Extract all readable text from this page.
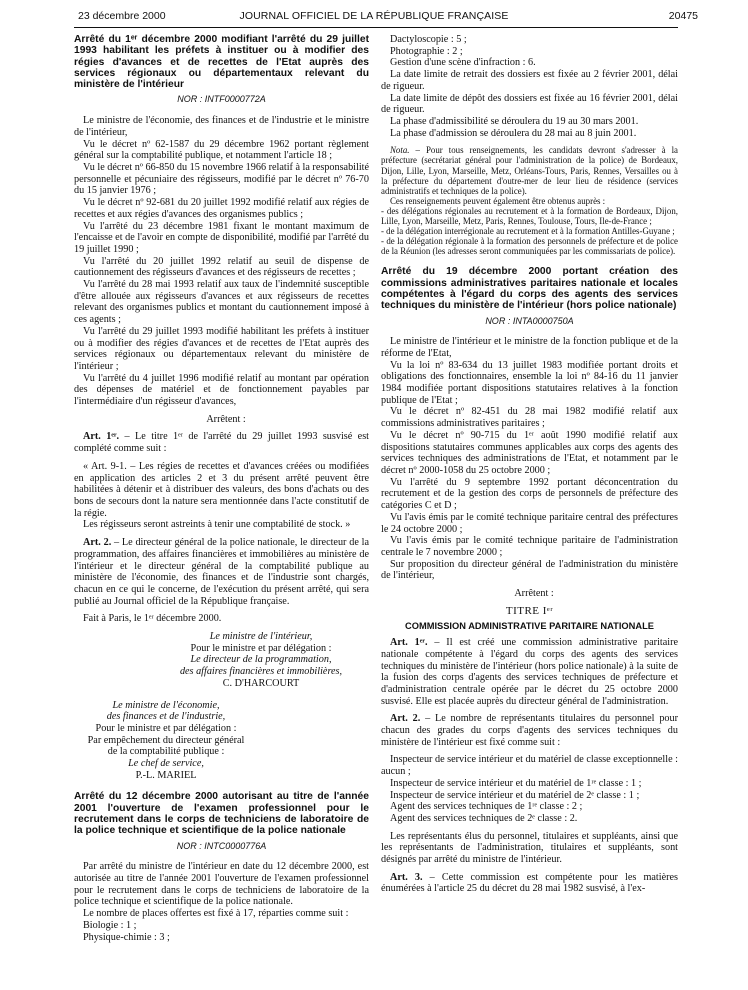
23 décembre 2000	JOURNAL OFFICIEL DE LA RÉPUBLIQUE FRANÇAISE	20475

Arrêté du 1ᵉʳ décembre 2000 modifiant l'arrêté du 29 juillet 1993 habilitant les préfets à instituer ou à modifier des régies d'avances et de recettes de l'Etat auprès des services régionaux ou départementaux relevant du ministère de l'intérieur

NOR : INTF0000772A

Le ministre de l'économie, des finances et de l'industrie et le ministre de l'intérieur,

Vu le décret nº 62-1587 du 29 décembre 1962 portant règlement général sur la comptabilité publique, et notamment l'article 18 ;

Vu le décret nº 66-850 du 15 novembre 1966 relatif à la responsabilité personnelle et pécuniaire des régisseurs, modifié par le décret nº 76-70 du 15 janvier 1976 ;

Vu le décret nº 92-681 du 20 juillet 1992 modifié relatif aux régies de recettes et aux régies d'avances des organismes publics ;

Vu l'arrêté du 23 décembre 1981 fixant le montant maximum de l'encaisse et de l'avoir en compte de disponibilité, modifié par l'arrêté du 19 juillet 1990 ;

Vu l'arrêté du 20 juillet 1992 relatif au seuil de dispense de cautionnement des régisseurs d'avances et des régisseurs de recettes ;

Vu l'arrêté du 28 mai 1993 relatif aux taux de l'indemnité susceptible d'être allouée aux régisseurs d'avances et aux régisseurs de recettes relevant des organismes publics et montant du cautionnement imposé à ces agents ;

Vu l'arrêté du 29 juillet 1993 modifié habilitant les préfets à instituer ou à modifier des régies d'avances et de recettes de l'Etat auprès des services régionaux ou départementaux relevant du ministère de l'intérieur ;

Vu l'arrêté du 4 juillet 1996 modifié relatif au montant par opération des dépenses de matériel et de fonctionnement payables par l'intermédiaire d'un régisseur d'avances,

Arrêtent :

Art. 1ᵉʳ. – Le titre 1ᵉʳ de l'arrêté du 29 juillet 1993 susvisé est complété comme suit :

« Art. 9-1. – Les régies de recettes et d'avances créées ou modifiées en application des articles 2 et 3 du présent arrêté peuvent être habilitées à détenir et à distribuer des valeurs, des bons d'achats ou des bons de secours dont la nature sera mentionnée dans l'acte constitutif de la régie.

Les régisseurs seront astreints à tenir une comptabilité de stock. »

Art. 2. – Le directeur général de la police nationale, le directeur de la programmation, des affaires financières et immobilières au ministère de l'intérieur et le directeur général de la comptabilité publique au ministère de l'économie, des finances et de l'industrie sont chargés, chacun en ce qui le concerne, de l'exécution du présent arrêté, qui sera publié au Journal officiel de la République française.

Fait à Paris, le 1ᵉʳ décembre 2000.

Le ministre de l'intérieur,

Pour le ministre et par délégation :

Le directeur de la programmation,

des affaires financières et immobilières,

C. D'HARCOURT

Le ministre de l'économie,

des finances et de l'industrie,

Pour le ministre et par délégation :

Par empêchement du directeur général

de la comptabilité publique :

Le chef de service,

P.-L. MARIEL

Arrêté du 12 décembre 2000 autorisant au titre de l'année 2001 l'ouverture de l'examen professionnel pour le recrutement dans le corps de techniciens de laboratoire de la police technique et scientifique de la police nationale

NOR : INTC0000776A

Par arrêté du ministre de l'intérieur en date du 12 décembre 2000, est autorisée au titre de l'année 2001 l'ouverture de l'examen professionnel pour le recrutement dans le corps de techniciens de laboratoire de la police technique et scientifique de la police nationale.

Le nombre de places offertes est fixé à 17, réparties comme suit :

Biologie : 1 ;

Physique-chimie : 3 ;

Dactyloscopie : 5 ;

Photographie : 2 ;

Gestion d'une scène d'infraction : 6.

La date limite de retrait des dossiers est fixée au 2 février 2001, délai de rigueur.

La date limite de dépôt des dossiers est fixée au 16 février 2001, délai de rigueur.

La phase d'admissibilité se déroulera du 19 au 30 mars 2001.

La phase d'admission se déroulera du 28 mai au 8 juin 2001.

Nota. – Pour tous renseignements, les candidats devront s'adresser à la préfecture (secrétariat général pour l'administration de la police) de Bordeaux, Dijon, Lille, Lyon, Marseille, Metz, Orléans-Tours, Paris, Rennes, Versailles ou à la préfecture du département d'outre-mer de leur lieu de résidence (services administratifs et techniques de la police).

Ces renseignements peuvent également être obtenus auprès :

- des délégations régionales au recrutement et à la formation de Bordeaux, Dijon, Lille, Lyon, Marseille, Metz, Paris, Rennes, Toulouse, Tours, Ile-de-France ;

- de la délégation interrégionale au recrutement et à la formation Antilles-Guyane ;

- de la délégation régionale à la formation des personnels de préfecture et de police de la Réunion (les adresses seront communiquées par les commissariats de police).

Arrêté du 19 décembre 2000 portant création des commissions administratives paritaires nationale et locales compétentes à l'égard du corps des agents des services techniques du ministère de l'intérieur (hors police nationale)

NOR : INTA0000750A

Le ministre de l'intérieur et le ministre de la fonction publique et de la réforme de l'Etat,

Vu la loi nº 83-634 du 13 juillet 1983 modifiée portant droits et obligations des fonctionnaires, ensemble la loi nº 84-16 du 11 janvier 1984 modifiée portant dispositions statutaires relatives à la fonction publique de l'Etat ;

Vu le décret nº 82-451 du 28 mai 1982 modifié relatif aux commissions administratives paritaires ;

Vu le décret nº 90-715 du 1ᵉʳ août 1990 modifié relatif aux dispositions statutaires communes applicables aux corps des agents des services techniques des administrations de l'Etat, et notamment par le décret nº 2000-1058 du 25 octobre 2000 ;

Vu l'arrêté du 9 septembre 1992 portant déconcentration du recrutement et de la gestion des corps de personnels de préfecture des catégories C et D ;

Vu l'avis émis par le comité technique paritaire central des préfectures le 24 octobre 2000 ;

Vu l'avis émis par le comité technique paritaire de l'administration centrale le 7 novembre 2000 ;

Sur proposition du directeur général de l'administration du ministère de l'intérieur,

Arrêtent :

TITRE Iᵉʳ
COMMISSION ADMINISTRATIVE PARITAIRE NATIONALE

Art. 1ᵉʳ. – Il est créé une commission administrative paritaire nationale compétente à l'égard du corps des agents des services techniques du ministère de l'intérieur (hors police nationale) à la suite de la fusion des corps d'agents des services techniques de préfecture et d'administration centrale opérée par le décret du 25 octobre 2000 susvisé. Elle est placée auprès du directeur général de l'administration.

Art. 2. – Le nombre de représentants titulaires du personnel pour chacun des grades du corps d'agents des services techniques du ministère de l'intérieur est fixé comme suit :

Inspecteur de service intérieur et du matériel de classe exceptionnelle : aucun ;

Inspecteur de service intérieur et du matériel de 1ʳᵉ classe : 1 ;

Inspecteur de service intérieur et du matériel de 2ᵉ classe : 1 ;

Agent des services techniques de 1ʳᵉ classe : 2 ;

Agent des services techniques de 2ᵉ classe : 2.

Les représentants élus du personnel, titulaires et suppléants, ainsi que les représentants de l'administration, titulaires et suppléants, sont désignés par arrêté du ministre de l'intérieur.

Art. 3. – Cette commission est compétente pour les matières énumérées à l'article 25 du décret du 28 mai 1982 susvisé, à l'ex-
